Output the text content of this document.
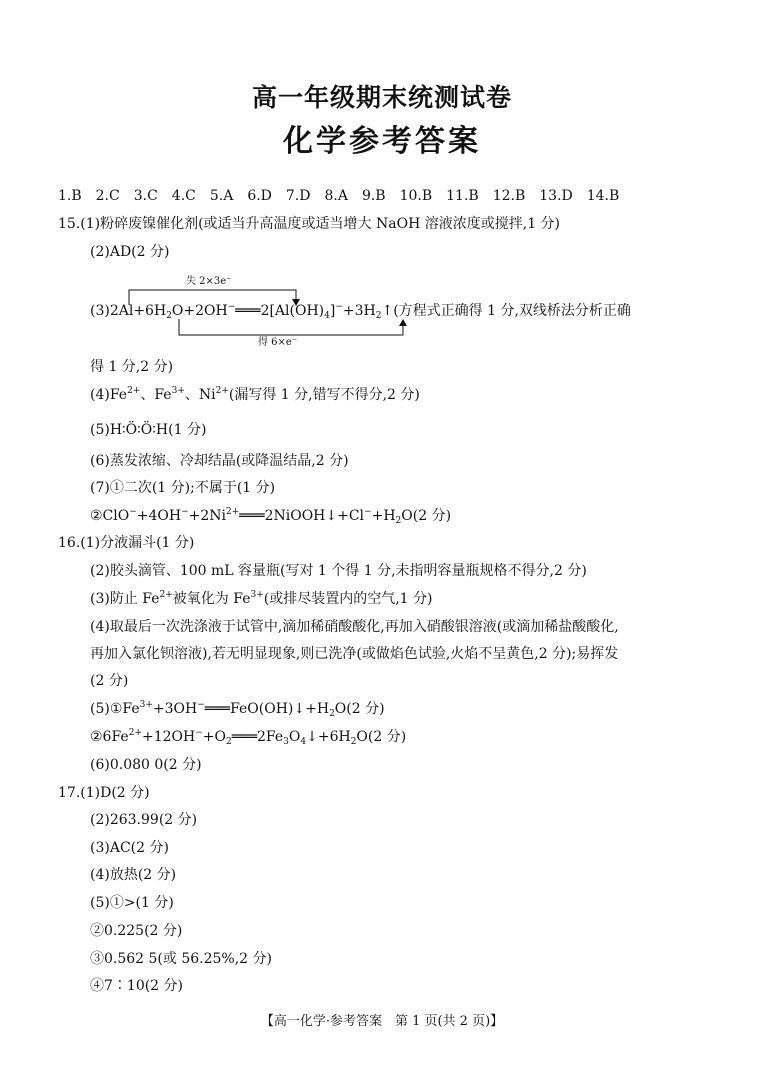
高一年级期末统测试卷
化学参考答案
1.B　2.C　3.C　4.C　5.A　6.D　7.D　8.A　9.B　10.B　11.B　12.B　13.D　14.B
15.(1)粉碎废镍催化剂(或适当升高温度或适当增大 NaOH 溶液浓度或搅拌,1 分)
(2)AD(2 分)
失 2×3e⁻
得 6×e⁻
$(3)2Al+6H_2O+2OH^-═══2[Al(OH)_4]^-+3H_2↑$(方程式正确得 1 分,双线桥法分析正确
得 1 分,2 分)
$(4)Fe^{2+}$、$Fe^{3+}$、$Ni^{2+}$(漏写得 1 分,错写不得分,2 分)
(5)H∶Ö∶Ö∶H(1 分)
(6)蒸发浓缩、冷却结晶(或降温结晶,2 分)
(7)①二次(1 分);不属于(1 分)
$②ClO^-+4OH^-+2Ni^{2+}═══2NiOOH↓+Cl^-+H_2O(2$ 分)
16.(1)分液漏斗(1 分)
(2)胶头滴管、100 mL 容量瓶(写对 1 个得 1 分,未指明容量瓶规格不得分,2 分)
(3)防止 $Fe^{2+}$被氧化为 $Fe^{3+}$(或排尽装置内的空气,1 分)
(4)取最后一次洗涤液于试管中,滴加稀硝酸酸化,再加入硝酸银溶液(或滴加稀盐酸酸化,
再加入氯化钡溶液),若无明显现象,则已洗净(或做焰色试验,火焰不呈黄色,2 分);易挥发
(2 分)
$(5)①Fe^{3+}+3OH^-═══FeO(OH)↓+H_2O(2$ 分)
$②6Fe^{2+}+12OH^-+O_2═══2Fe_3O_4↓+6H_2O(2$ 分)
(6)0.080 0(2 分)
17.(1)D(2 分)
(2)263.99(2 分)
(3)AC(2 分)
(4)放热(2 分)
(5)①>(1 分)
②0.225(2 分)
③0.562 5(或 56.25%,2 分)
④7∶10(2 分)
【高一化学·参考答案　第 1 页(共 2 页)】
